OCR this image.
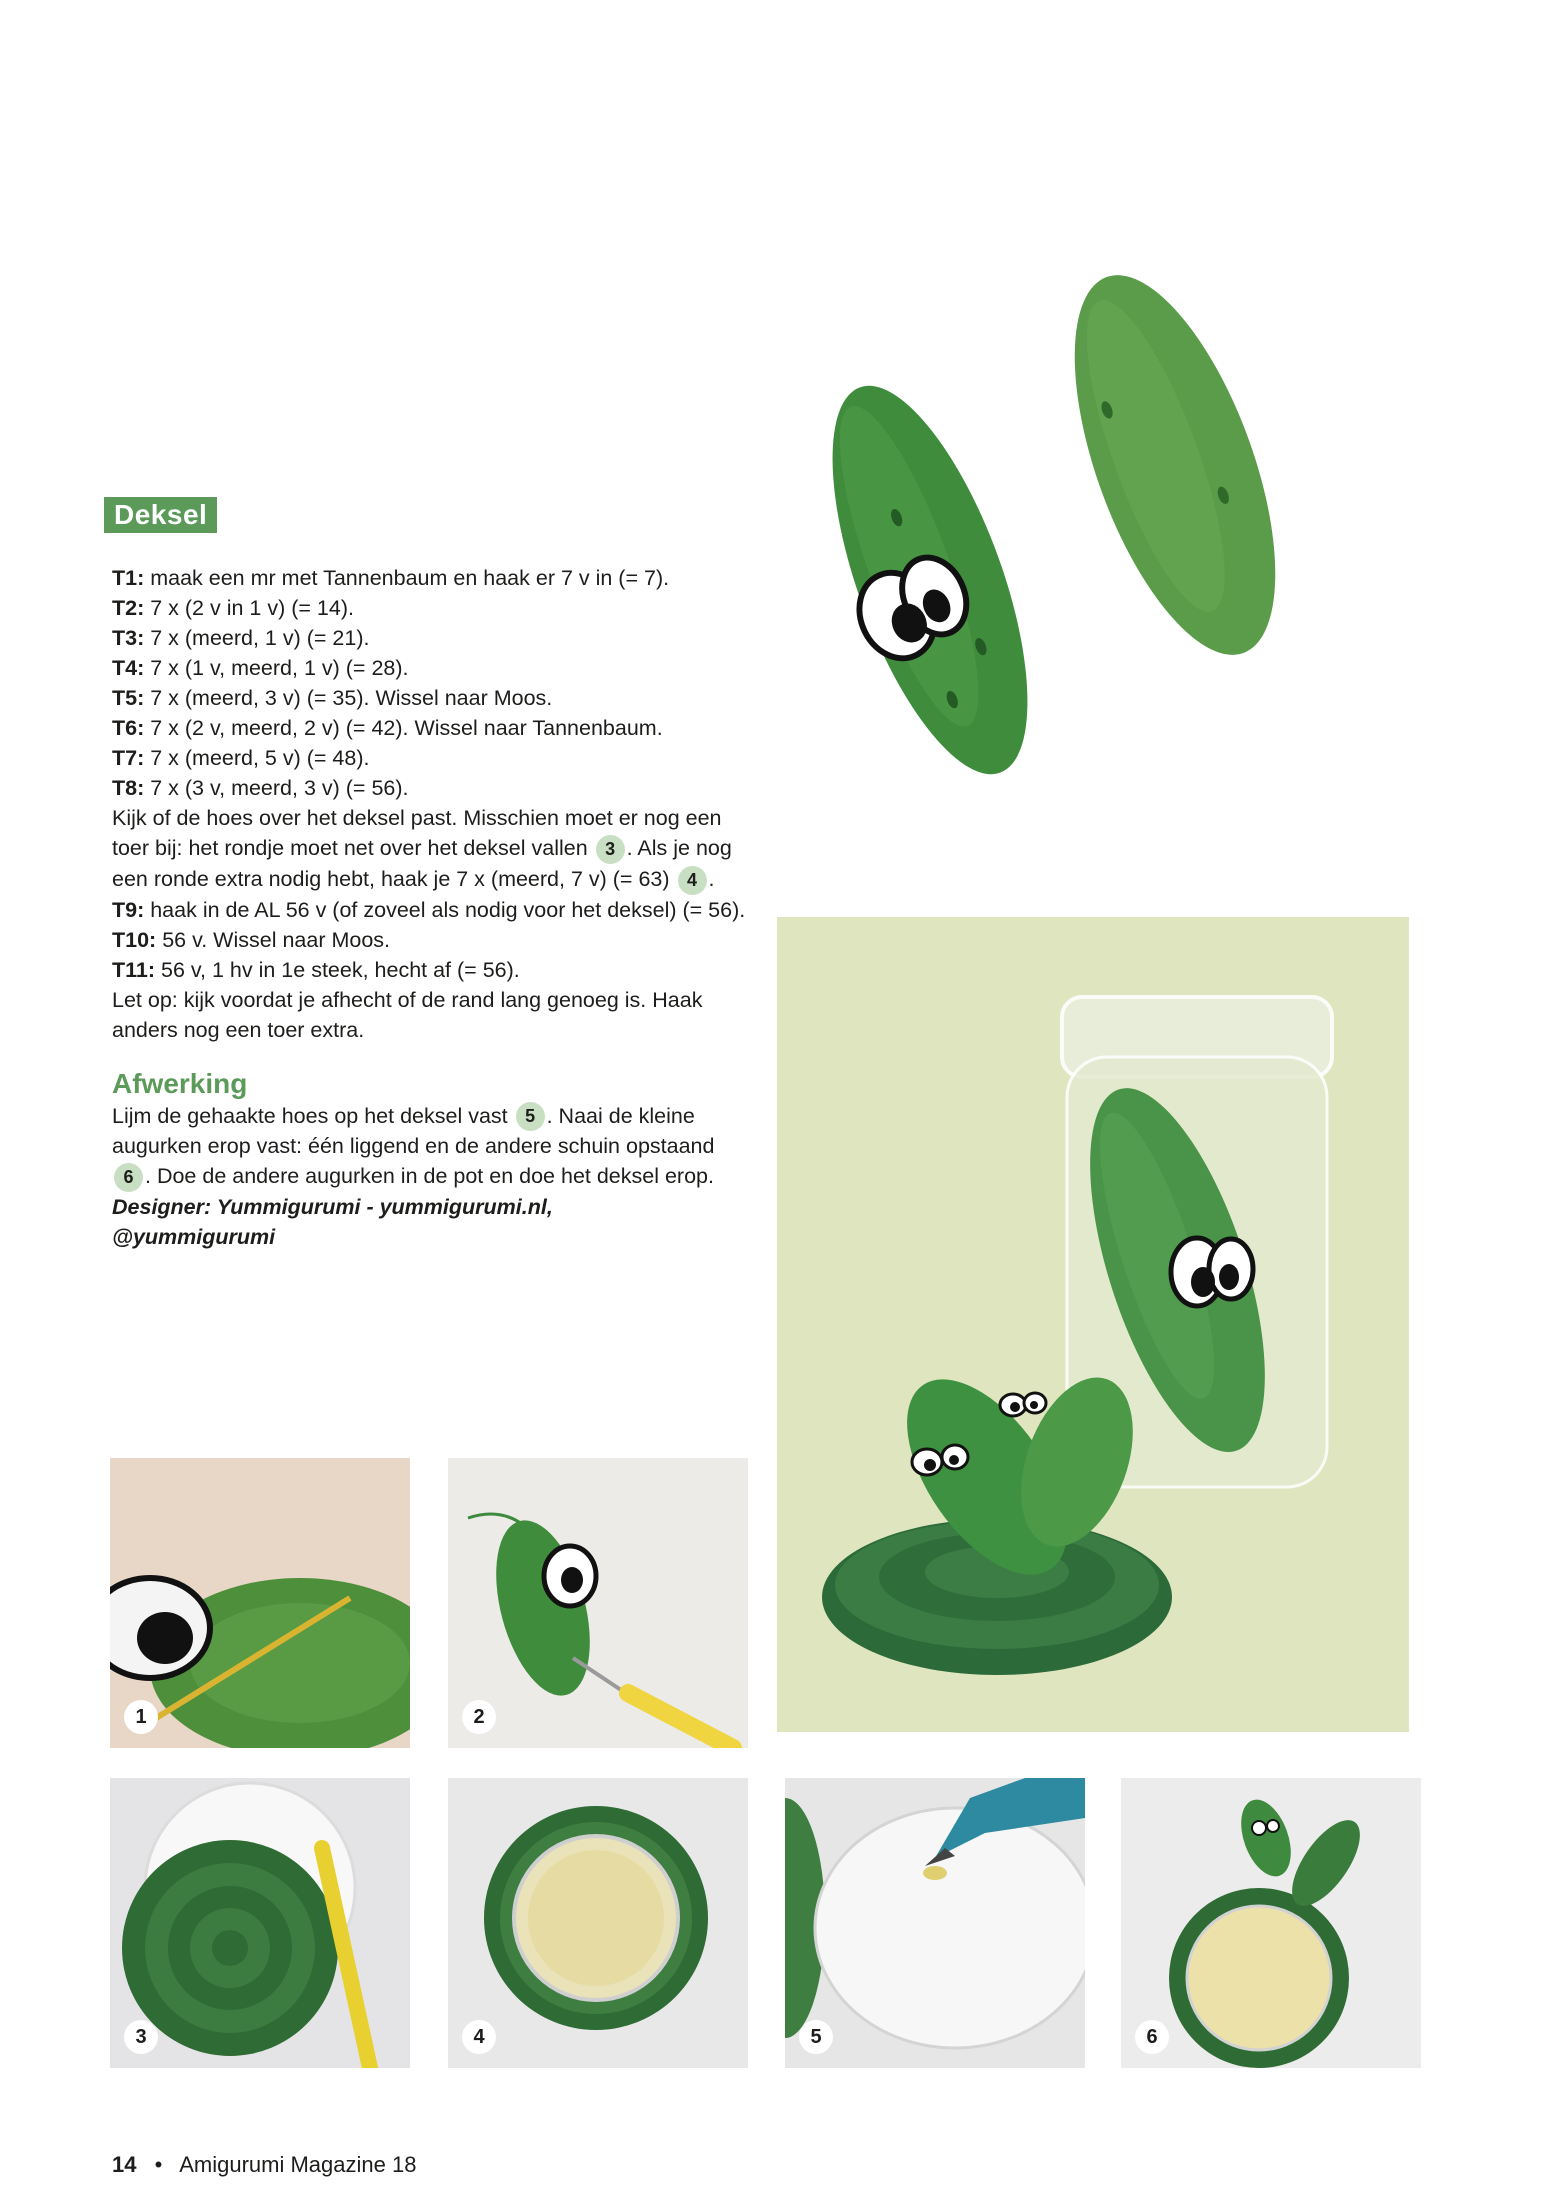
Deksel

T1: maak een mr met Tannenbaum en haak er 7 v in (= 7).

T2: 7 x (2 v in 1 v) (= 14).

T3: 7 x (meerd, 1 v) (= 21).

T4: 7 x (1 v, meerd, 1 v) (= 28).

T5: 7 x (meerd, 3 v) (= 35). Wissel naar Moos.

T6: 7 x (2 v, meerd, 2 v) (= 42). Wissel naar Tannenbaum.

T7: 7 x (meerd, 5 v) (= 48).

T8: 7 x (3 v, meerd, 3 v) (= 56).

Kijk of de hoes over het deksel past. Misschien moet er nog een toer bij: het rondje moet net over het deksel vallen 3 . Als je nog een ronde extra nodig hebt, haak je 7 x (meerd, 7 v) (= 63) 4 .

T9: haak in de AL 56 v (of zoveel als nodig voor het deksel) (= 56).

T10: 56 v. Wissel naar Moos.

T11: 56 v, 1 hv in 1e steek, hecht af (= 56).

Let op: kijk voordat je afhecht of de rand lang genoeg is. Haak anders nog een toer extra.

Afwerking

Lijm de gehaakte hoes op het deksel vast 5 . Naai de kleine augurken erop vast: één liggend en de andere schuin opstaand 6 . Doe de andere augurken in de pot en doe het deksel erop.

Designer: Yummigurumi - yummigurumi.nl,
@yummigurumi

1	2
3	4	5	6
14 • Amigurumi Magazine 18
